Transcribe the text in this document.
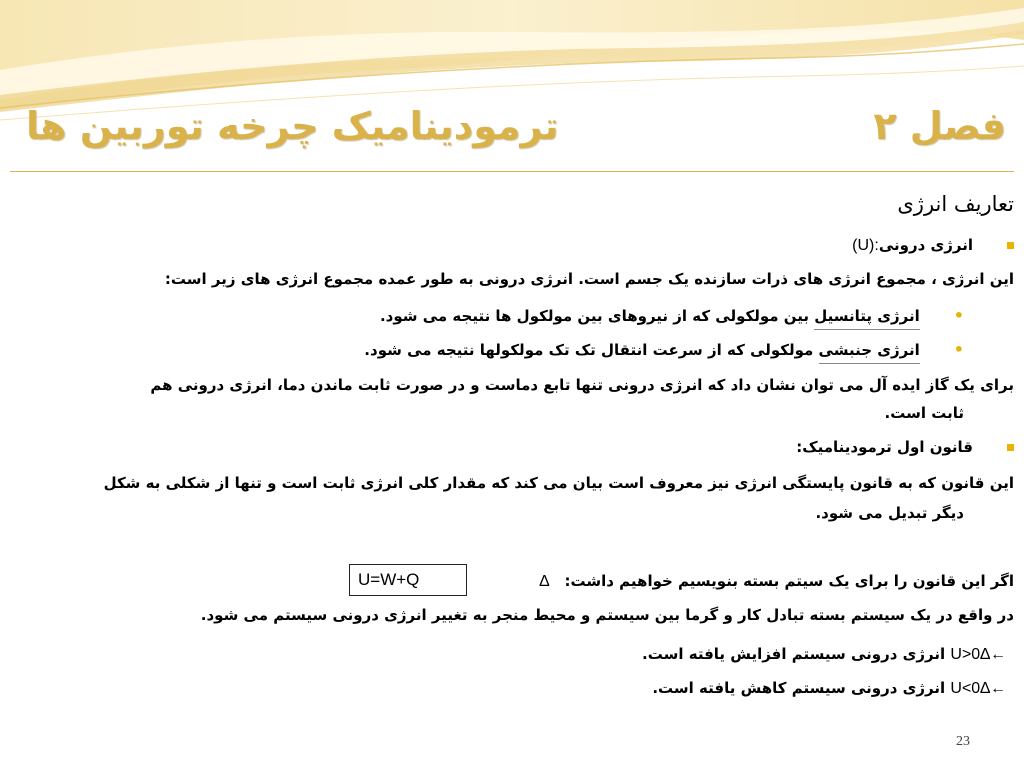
فصل ۲
ترمودینامیک چرخه توربین ها
تعاریف انرژی
انرژی درونی(U):
این انرژی ، مجموع انرژی های ذرات سازنده یک جسم است. انرژی درونی به طور عمده مجموع انرژی های زیر است:
•انرژی پتانسیل بین مولکولی که از نیروهای بین مولکول ها نتیجه می شود.
•انرژی جنبشی مولکولی که از سرعت انتقال تک تک مولکولها نتیجه می شود.
برای یک گاز ایده آل می توان نشان داد که انرژی درونی تنها تابع دماست و در صورت ثابت ماندن دما، انرژی درونی هم
ثابت است.
قانون اول ترمودینامیک:
این قانون که به قانون پایستگی انرژی نیز معروف است بیان می کند که مقدار کلی انرژی ثابت است و تنها از شکلی به شکل
دیگر تبدیل می شود.
اگر این قانون را برای یک سیتم بسته بنویسیم خواهیم داشت: ∆
در واقع در یک سیستم بسته تبادل کار و گرما بین سیستم و محیط منجر به تغییر انرژی درونی سیستم می شود.
U>0∆← انرژی درونی سیستم افزایش یافته است.
U<0∆← انرژی درونی سیستم کاهش یافته است.
U=W+Q
23
